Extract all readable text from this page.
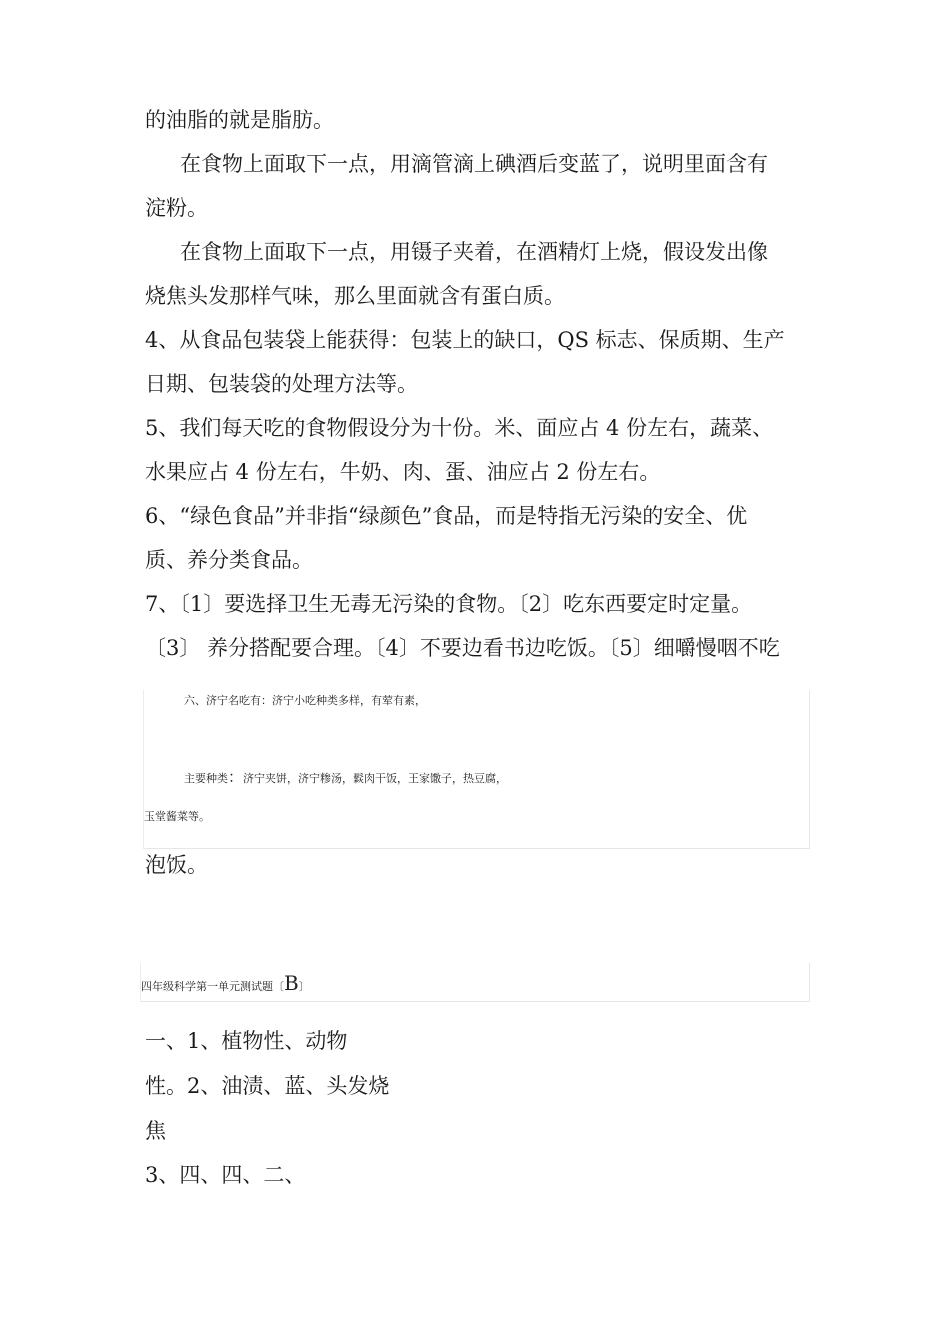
的油脂的就是脂肪。
在食物上面取下一点，用滴管滴上碘酒后变蓝了，说明里面含有
淀粉。
在食物上面取下一点，用镊子夹着，在酒精灯上烧，假设发出像
烧焦头发那样气味，那么里面就含有蛋白质。
4、从食品包装袋上能获得：包装上的缺口，QS 标志、保质期、生产
日期、包装袋的处理方法等。
5、我们每天吃的食物假设分为十份。米、面应占 4 份左右，蔬菜、
水果应占 4 份左右，牛奶、肉、蛋、油应占 2 份左右。
6、“绿色食品”并非指“绿颜色”食品，而是特指无污染的安全、优
质、养分类食品。
7、〔1〕要选择卫生无毒无污染的食物。〔2〕吃东西要定时定量。
〔3〕 养分搭配要合理。〔4〕不要边看书边吃饭。〔5〕细嚼慢咽不吃
六、济宁名吃有：济宁小吃种类多样，有荤有素，
主要种类：济宁夹饼，济宁糁汤，鬏肉干饭，王家馓子，热豆腐，
玉堂酱菜等。
泡饭。
四年级科学第一单元测试题〔B〕
一、1、植物性、动物
性。2、油渍、蓝、头发烧
焦
3、四、四、二、
